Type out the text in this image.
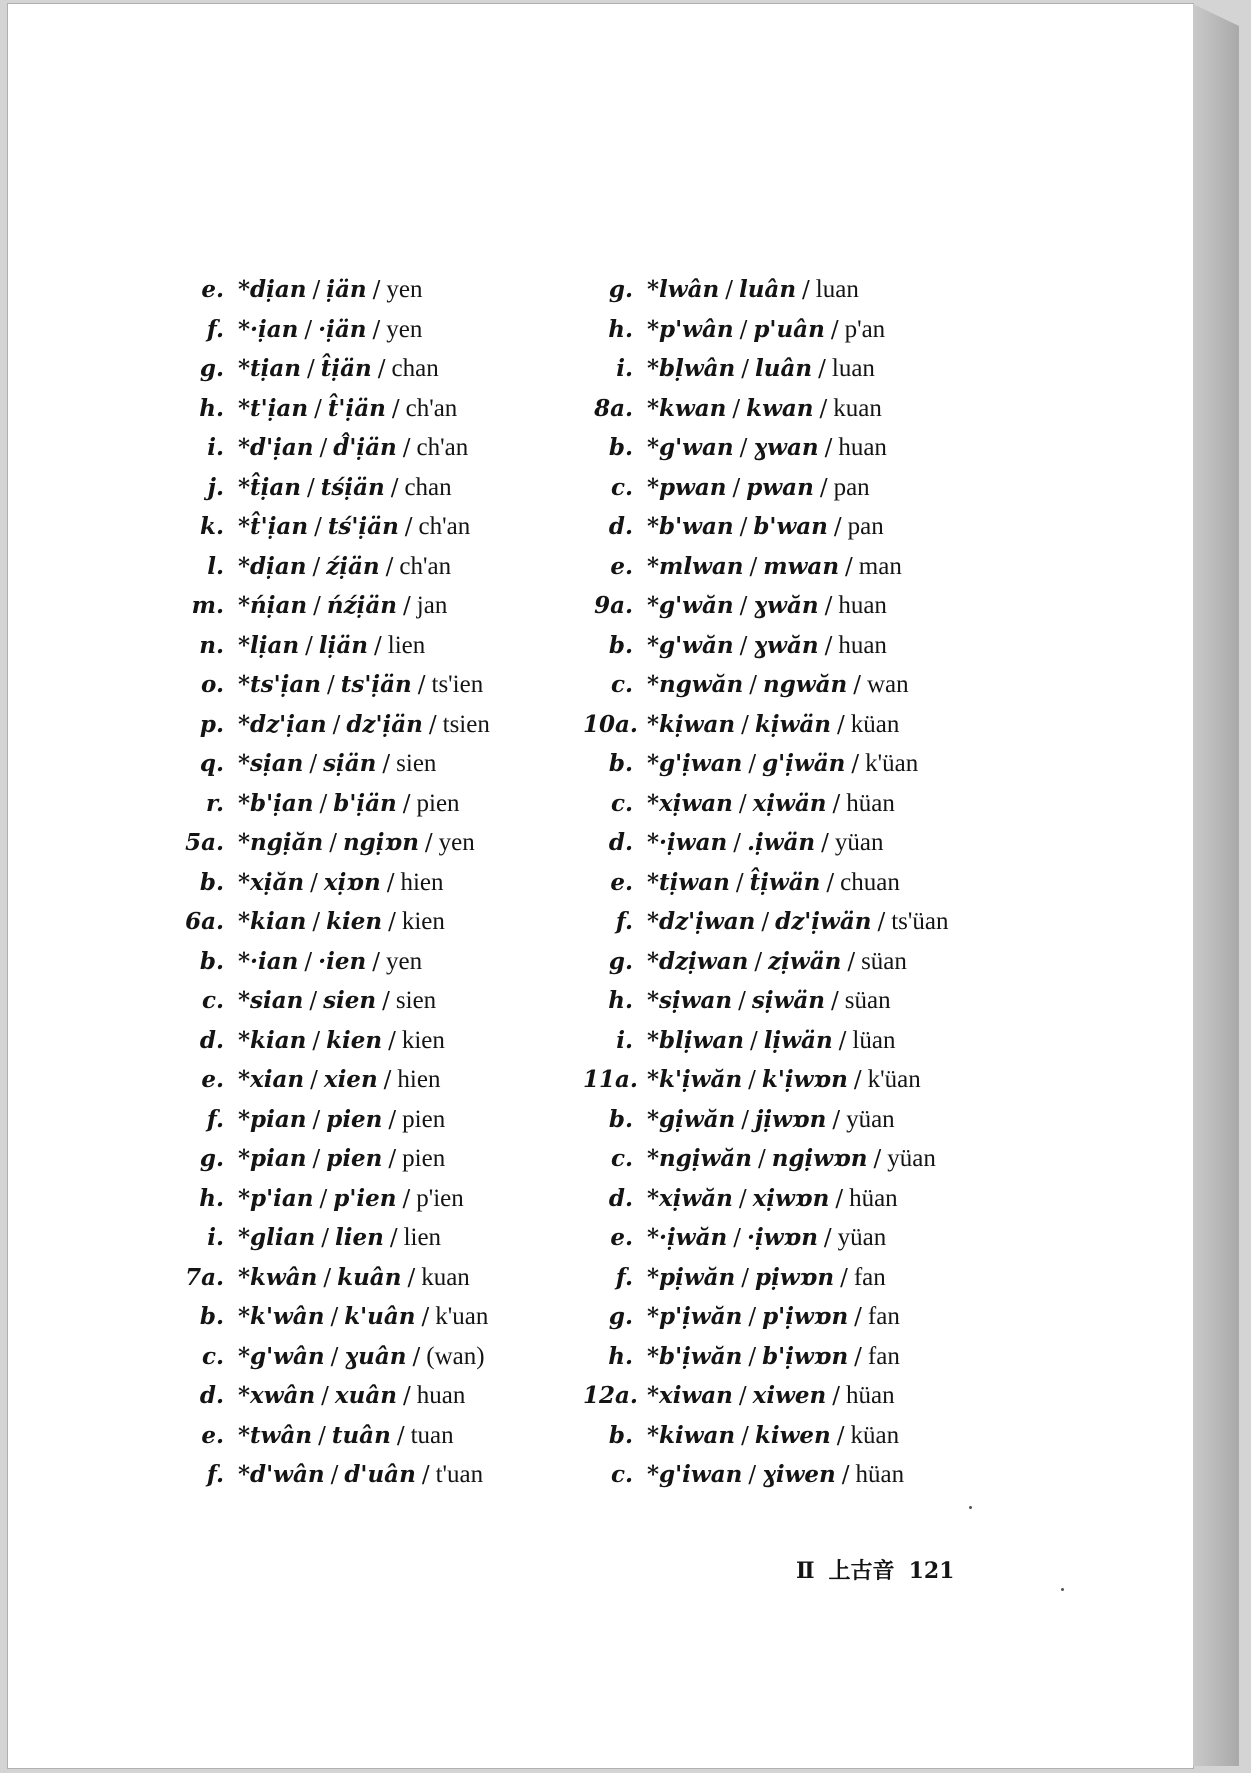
e. *dịan / ịän / yen
f. *·ịan / ·ịän / yen
g. *tịan / t̂ịän / chan
h. *t'ịan / t̂'ịän / ch'an
i. *d'ịan / d̂'ịän / ch'an
j. *t̂ịan / tśịän / chan
k. *t̂'ịan / tś'ịän / ch'an
l. *dịan / źịän / ch'an
m. *ńịan / ńźịän / jan
n. *lịan / lịän / lien
o. *ts'ịan / ts'ịän / ts'ien
p. *dz'ịan / dz'ịän / tsien
q. *sịan / sịän / sien
r. *b'ịan / b'ịän / pien
5a. *ngịăn / ngịɒn / yen
b. *xịăn / xịɒn / hien
6a. *kian / kien / kien
b. *·ian / ·ien / yen
c. *sian / sien / sien
d. *kian / kien / kien
e. *xian / xien / hien
f. *pian / pien / pien
g. *pian / pien / pien
h. *p'ian / p'ien / p'ien
i. *glian / lien / lien
7a. *kwân / kuân / kuan
b. *k'wân / k'uân / k'uan
c. *g'wân / ɣuân / (wan)
d. *xwân / xuân / huan
e. *twân / tuân / tuan
f. *d'wân / d'uân / t'uan
g. *lwân / luân / luan
h. *p'wân / p'uân / p'an
i. *bḷwân / luân / luan
8a. *kwan / kwan / kuan
b. *g'wan / ɣwan / huan
c. *pwan / pwan / pan
d. *b'wan / b'wan / pan
e. *mlwan / mwan / man
9a. *g'wăn / ɣwăn / huan
b. *g'wăn / ɣwăn / huan
c. *ngwăn / ngwăn / wan
10a. *kịwan / kịwän / küan
b. *g'ịwan / g'ịwän / k'üan
c. *xịwan / xịwän / hüan
d. *·ịwan / .ịwän / yüan
e. *tịwan / t̂ịwän / chuan
f. *dz'ịwan / dz'ịwän / ts'üan
g. *dzịwan / zịwän / süan
h. *sịwan / sịwän / süan
i. *blịwan / lịwän / lüan
11a. *k'ịwăn / k'ịwɒn / k'üan
b. *gịwăn / jịwɒn / yüan
c. *ngịwăn / ngịwɒn / yüan
d. *xịwăn / xịwɒn / hüan
e. *·ịwăn / ·ịwɒn / yüan
f. *pịwăn / pịwɒn / fan
g. *p'ịwăn / p'ịwɒn / fan
h. *b'ịwăn / b'ịwɒn / fan
12a. *xiwan / xiwen / hüan
b. *kiwan / kiwen / küan
c. *g'iwan / ɣiwen / hüan
Ⅱ 上古音 121
